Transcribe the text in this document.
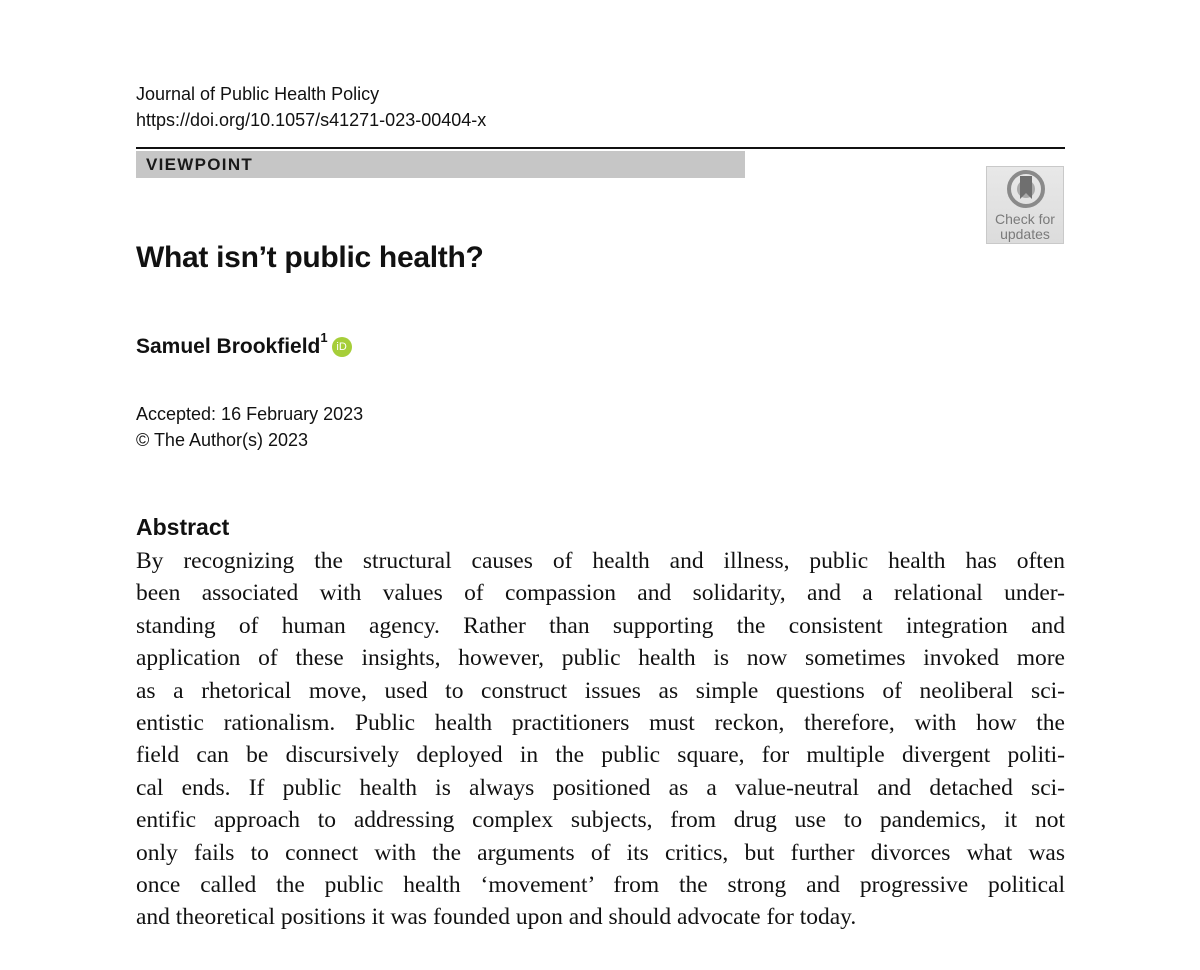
Journal of Public Health Policy
https://doi.org/10.1057/s41271-023-00404-x
VIEWPOINT
Check for
updates
What isn’t public health?
Samuel Brookfield$^1$iD
Accepted: 16 February 2023
© The Author(s) 2023
Abstract
By recognizing the structural causes of health and illness, public health has often
been associated with values of compassion and solidarity, and a relational under-
standing of human agency. Rather than supporting the consistent integration and
application of these insights, however, public health is now sometimes invoked more
as a rhetorical move, used to construct issues as simple questions of neoliberal sci-
entistic rationalism. Public health practitioners must reckon, therefore, with how the
field can be discursively deployed in the public square, for multiple divergent politi-
cal ends. If public health is always positioned as a value-neutral and detached sci-
entific approach to addressing complex subjects, from drug use to pandemics, it not
only fails to connect with the arguments of its critics, but further divorces what was
once called the public health ‘movement’ from the strong and progressive political
and theoretical positions it was founded upon and should advocate for today.
